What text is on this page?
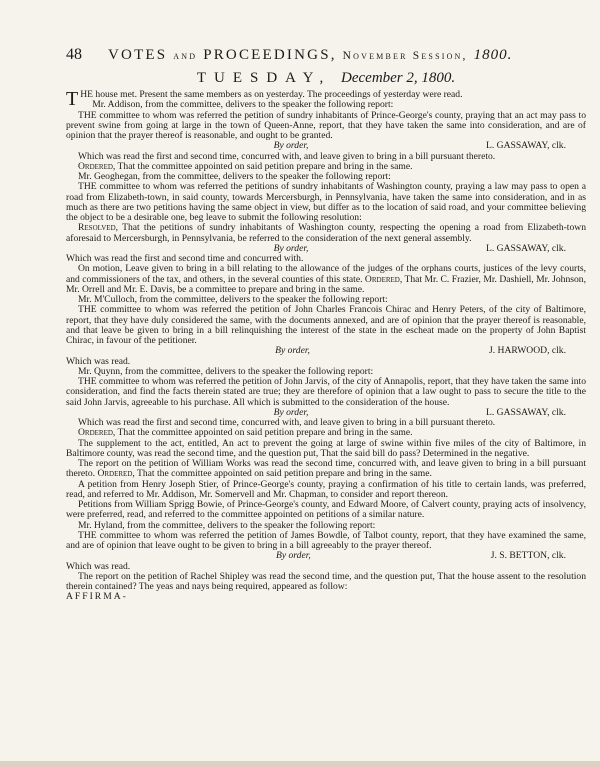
48 VOTES and PROCEEDINGS, November Session, 1800.
TUESDAY, December 2, 1800.

THE house met. Present the same members as on yesterday. The proceedings of yesterday were read.

Mr. Addison, from the committee, delivers to the speaker the following report:

THE committee to whom was referred the petition of sundry inhabitants of Prince-George's county, praying that an act may pass to prevent swine from going at large in the town of Queen-Anne, report, that they have taken the same into consideration, and are of opinion that the prayer thereof is reasonable, and ought to be granted.

By order,	L. GASSAWAY, clk.

Which was read the first and second time, concurred with, and leave given to bring in a bill pursuant thereto.

Ordered, That the committee appointed on said petition prepare and bring in the same.

Mr. Geoghegan, from the committee, delivers to the speaker the following report:

THE committee to whom was referred the petitions of sundry inhabitants of Washington county, praying a law may pass to open a road from Elizabeth-town, in said county, towards Mercersburgh, in Pennsylvania, have taken the same into consideration, and in as much as there are two petitions having the same object in view, but differ as to the location of said road, and your committee believing the object to be a desirable one, beg leave to submit the following resolution:

Resolved, That the petitions of sundry inhabitants of Washington county, respecting the opening a road from Elizabeth-town aforesaid to Mercersburgh, in Pennsylvania, be referred to the consideration of the next general assembly.

By order,	L. GASSAWAY, clk.

Which was read the first and second time and concurred with.

On motion, Leave given to bring in a bill relating to the allowance of the judges of the orphans courts, justices of the levy courts, and commissioners of the tax, and others, in the several counties of this state. Ordered, That Mr. C. Frazier, Mr. Dashiell, Mr. Johnson, Mr. Orrell and Mr. E. Davis, be a committee to prepare and bring in the same.

Mr. M'Culloch, from the committee, delivers to the speaker the following report:

THE committee to whom was referred the petition of John Charles Francois Chirac and Henry Peters, of the city of Baltimore, report, that they have duly considered the same, with the documents annexed, and are of opinion that the prayer thereof is reasonable, and that leave be given to bring in a bill relinquishing the interest of the state in the escheat made on the property of John Baptist Chirac, in favour of the petitioner.

By order,	J. HARWOOD, clk.

Which was read.

Mr. Quynn, from the committee, delivers to the speaker the following report:

THE committee to whom was referred the petition of John Jarvis, of the city of Annapolis, report, that they have taken the same into consideration, and find the facts therein stated are true; they are therefore of opinion that a law ought to pass to secure the title to the said John Jarvis, agreeable to his purchase. All which is submitted to the consideration of the house.

By order,	L. GASSAWAY, clk.

Which was read the first and second time, concurred with, and leave given to bring in a bill pursuant thereto.

Ordered, That the committee appointed on said petition prepare and bring in the same.

The supplement to the act, entitled, An act to prevent the going at large of swine within five miles of the city of Baltimore, in Baltimore county, was read the second time, and the question put, That the said bill do pass? Determined in the negative.

The report on the petition of William Works was read the second time, concurred with, and leave given to bring in a bill pursuant thereto. Ordered, That the committee appointed on said petition prepare and bring in the same.

A petition from Henry Joseph Stier, of Prince-George's county, praying a confirmation of his title to certain lands, was preferred, read, and referred to Mr. Addison, Mr. Somervell and Mr. Chapman, to consider and report thereon.

Petitions from William Sprigg Bowie, of Prince-George's county, and Edward Moore, of Calvert county, praying acts of insolvency, were preferred, read, and referred to the committee appointed on petitions of a similar nature.

Mr. Hyland, from the committee, delivers to the speaker the following report:

THE committee to whom was referred the petition of James Bowdle, of Talbot county, report, that they have examined the same, and are of opinion that leave ought to be given to bring in a bill agreeably to the prayer thereof.

By order,	J. S. BETTON, clk.

Which was read.

The report on the petition of Rachel Shipley was read the second time, and the question put, That the house assent to the resolution therein contained? The yeas and nays being required, appeared as follow:

AFFIRMA-
